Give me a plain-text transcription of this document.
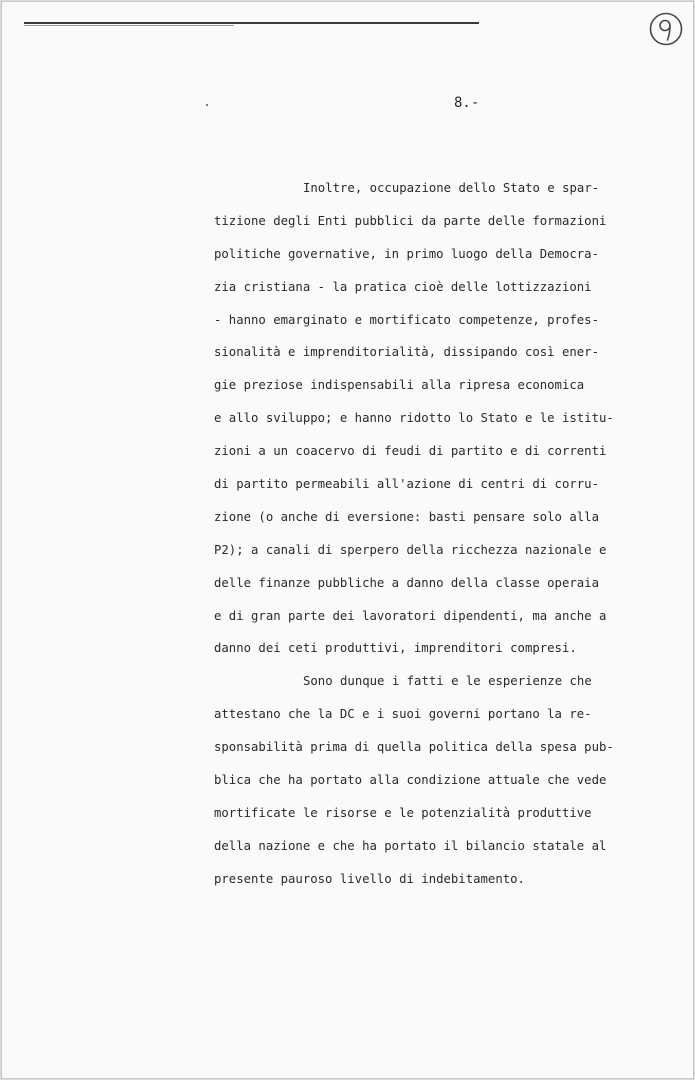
8.-
Inoltre, occupazione dello Stato e spar-
tizione degli Enti pubblici da parte delle formazioni
politiche governative, in primo luogo della Democra-
zia cristiana - la pratica cioè delle lottizzazioni
- hanno emarginato e mortificato competenze, profes-
sionalità e imprenditorialità, dissipando così ener-
gie preziose indispensabili alla ripresa economica
e allo sviluppo; e hanno ridotto lo Stato e le istitu-
zioni a un coacervo di feudi di partito e di correnti
di partito permeabili all'azione di centri di corru-
zione (o anche di eversione: basti pensare solo alla
P2); a canali di sperpero della ricchezza nazionale e
delle finanze pubbliche a danno della classe operaia
e di gran parte dei lavoratori dipendenti, ma anche a
danno dei ceti produttivi, imprenditori compresi.
Sono dunque i fatti e le esperienze che
attestano che la DC e i suoi governi portano la re-
sponsabilità prima di quella politica della spesa pub-
blica che ha portato alla condizione attuale che vede
mortificate le risorse e le potenzialità produttive
della nazione e che ha portato il bilancio statale al
presente pauroso livello di indebitamento.
